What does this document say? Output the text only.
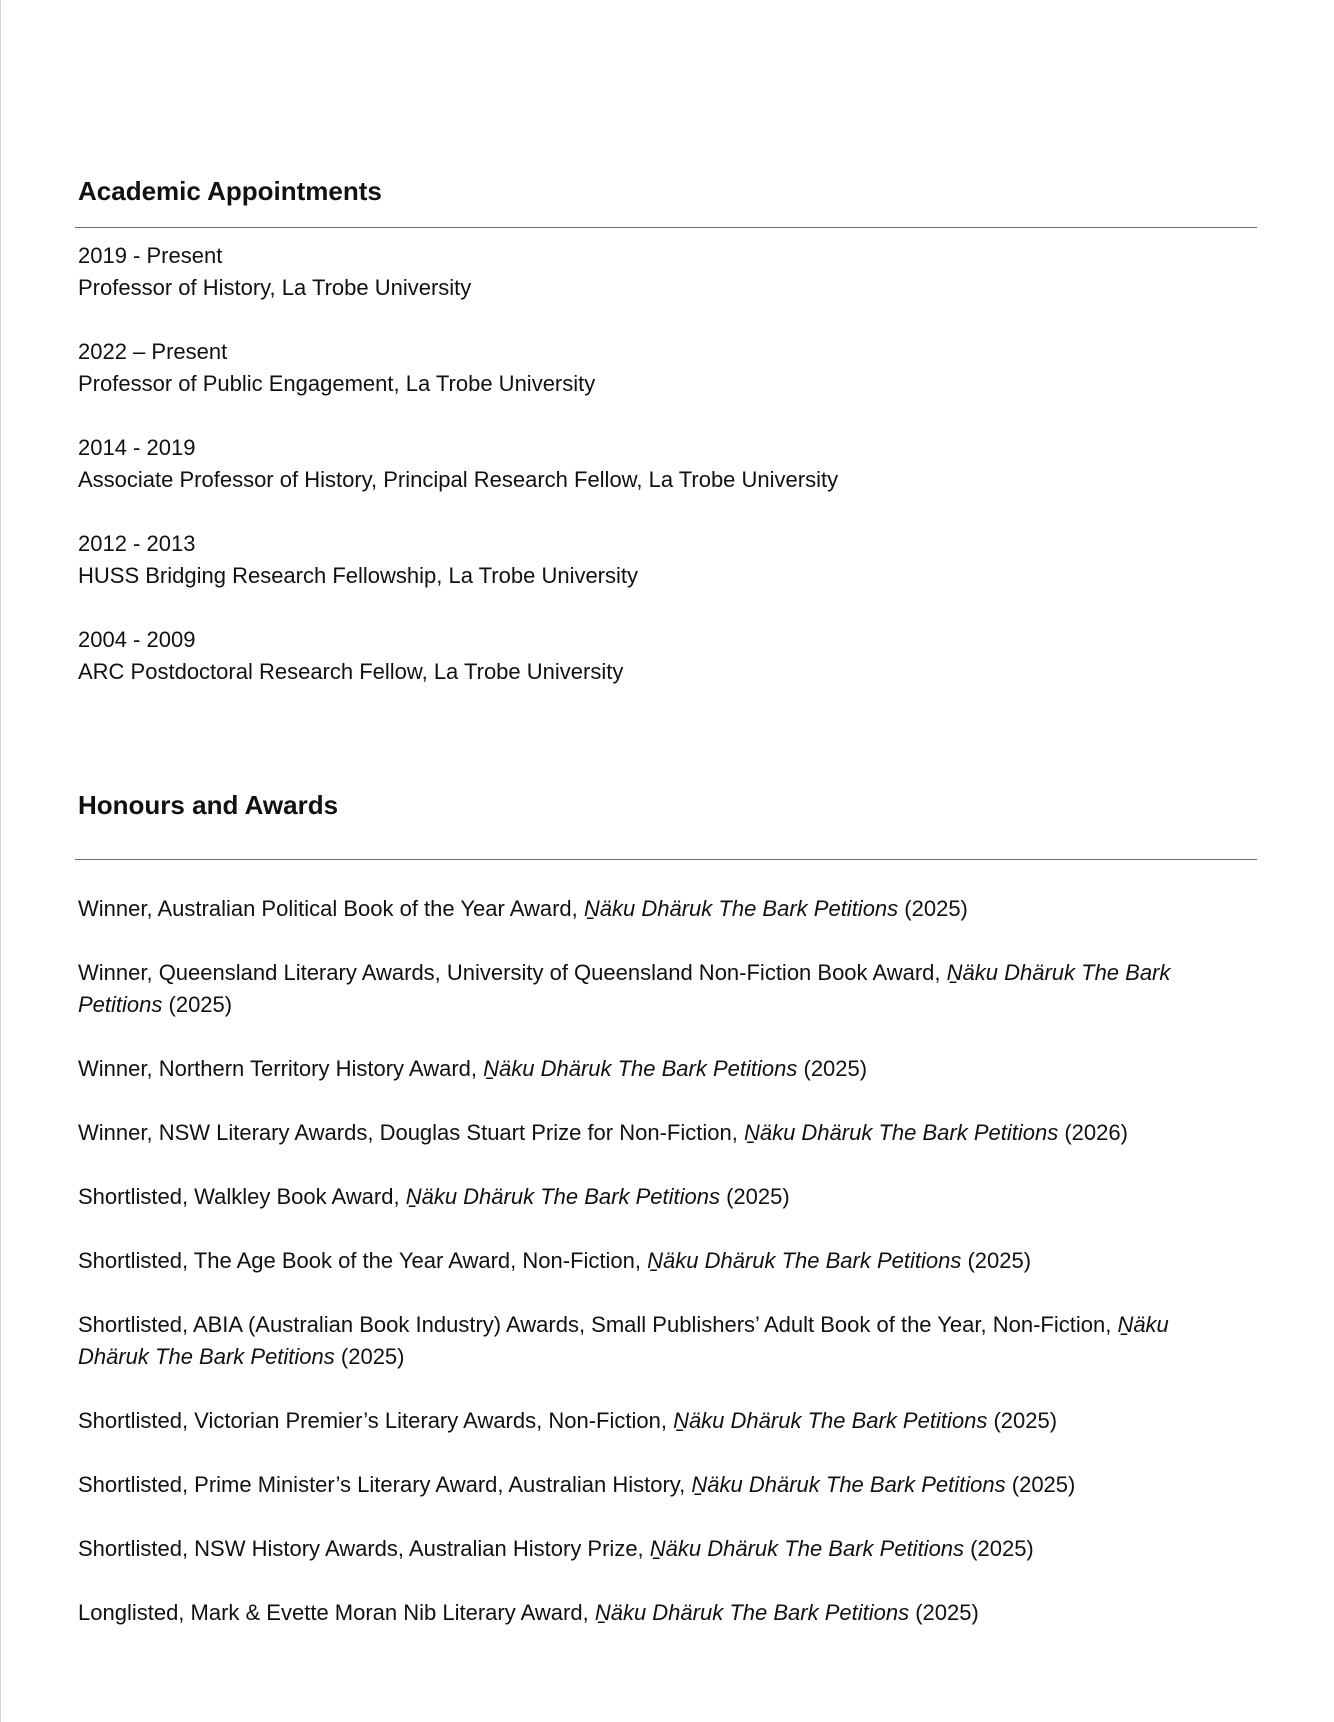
Academic Appointments
2019 - Present
Professor of History, La Trobe University
2022 – Present
Professor of Public Engagement, La Trobe University
2014 - 2019
Associate Professor of History, Principal Research Fellow, La Trobe University
2012 - 2013
HUSS Bridging Research Fellowship, La Trobe University
2004 - 2009
ARC Postdoctoral Research Fellow, La Trobe University
Honours and Awards

Winner, Australian Political Book of the Year Award, Ṉäku Dhäruk The Bark Petitions (2025)

Winner, Queensland Literary Awards, University of Queensland Non-Fiction Book Award, Ṉäku Dhäruk The Bark Petitions (2025)

Winner, Northern Territory History Award, Ṉäku Dhäruk The Bark Petitions (2025)

Winner, NSW Literary Awards, Douglas Stuart Prize for Non-Fiction, Ṉäku Dhäruk The Bark Petitions (2026)

Shortlisted, Walkley Book Award, Ṉäku Dhäruk The Bark Petitions (2025)

Shortlisted, The Age Book of the Year Award, Non-Fiction, Ṉäku Dhäruk The Bark Petitions (2025)

Shortlisted, ABIA (Australian Book Industry) Awards, Small Publishers’ Adult Book of the Year, Non-Fiction, Ṉäku Dhäruk The Bark Petitions (2025)

Shortlisted, Victorian Premier’s Literary Awards, Non-Fiction, Ṉäku Dhäruk The Bark Petitions (2025)

Shortlisted, Prime Minister’s Literary Award, Australian History, Ṉäku Dhäruk The Bark Petitions (2025)

Shortlisted, NSW History Awards, Australian History Prize, Ṉäku Dhäruk The Bark Petitions (2025)

Longlisted, Mark & Evette Moran Nib Literary Award, Ṉäku Dhäruk The Bark Petitions (2025)
